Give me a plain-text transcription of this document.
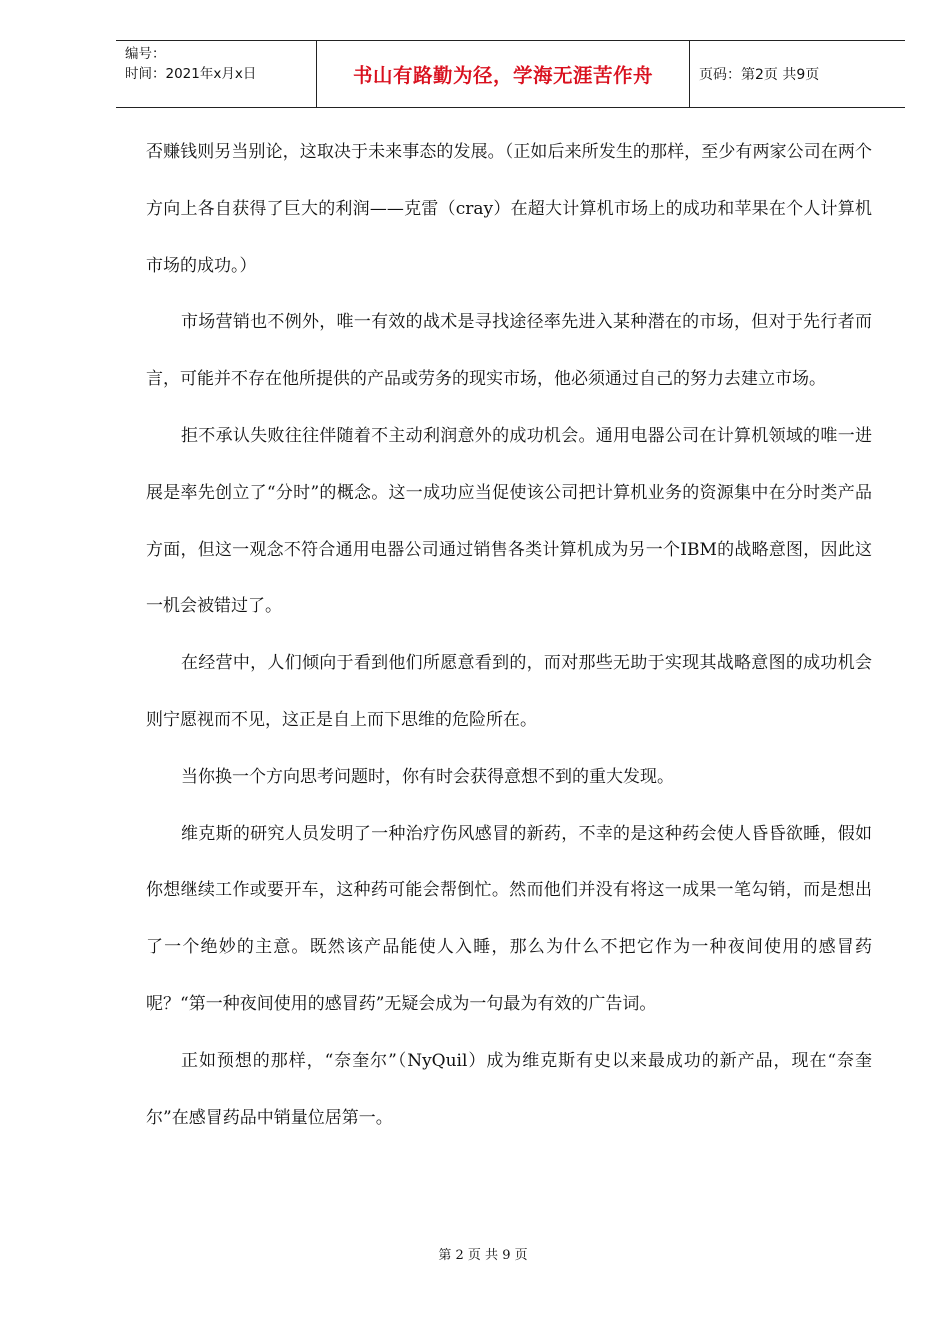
编号：
时间：2021年x月x日	书山有路勤为径，学海无涯苦作舟	页码：第2页 共9页

否赚钱则另当别论，这取决于未来事态的发展。（正如后来所发生的那样，至少有两家公司在两个方向上各自获得了巨大的利润——克雷（cray）在超大计算机市场上的成功和苹果在个人计算机市场的成功。）

市场营销也不例外，唯一有效的战术是寻找途径率先进入某种潜在的市场，但对于先行者而言，可能并不存在他所提供的产品或劳务的现实市场，他必须通过自己的努力去建立市场。

拒不承认失败往往伴随着不主动利润意外的成功机会。通用电器公司在计算机领域的唯一进展是率先创立了“分时”的概念。这一成功应当促使该公司把计算机业务的资源集中在分时类产品方面，但这一观念不符合通用电器公司通过销售各类计算机成为另一个IBM的战略意图，因此这一机会被错过了。

在经营中，人们倾向于看到他们所愿意看到的，而对那些无助于实现其战略意图的成功机会则宁愿视而不见，这正是自上而下思维的危险所在。

当你换一个方向思考问题时，你有时会获得意想不到的重大发现。

维克斯的研究人员发明了一种治疗伤风感冒的新药，不幸的是这种药会使人昏昏欲睡，假如你想继续工作或要开车，这种药可能会帮倒忙。然而他们并没有将这一成果一笔勾销，而是想出了一个绝妙的主意。既然该产品能使人入睡，那么为什么不把它作为一种夜间使用的感冒药呢？“第一种夜间使用的感冒药”无疑会成为一句最为有效的广告词。

正如预想的那样，“奈奎尔”（NyQuil）成为维克斯有史以来最成功的新产品，现在“奈奎尔”在感冒药品中销量位居第一。

第 2 页 共 9 页
